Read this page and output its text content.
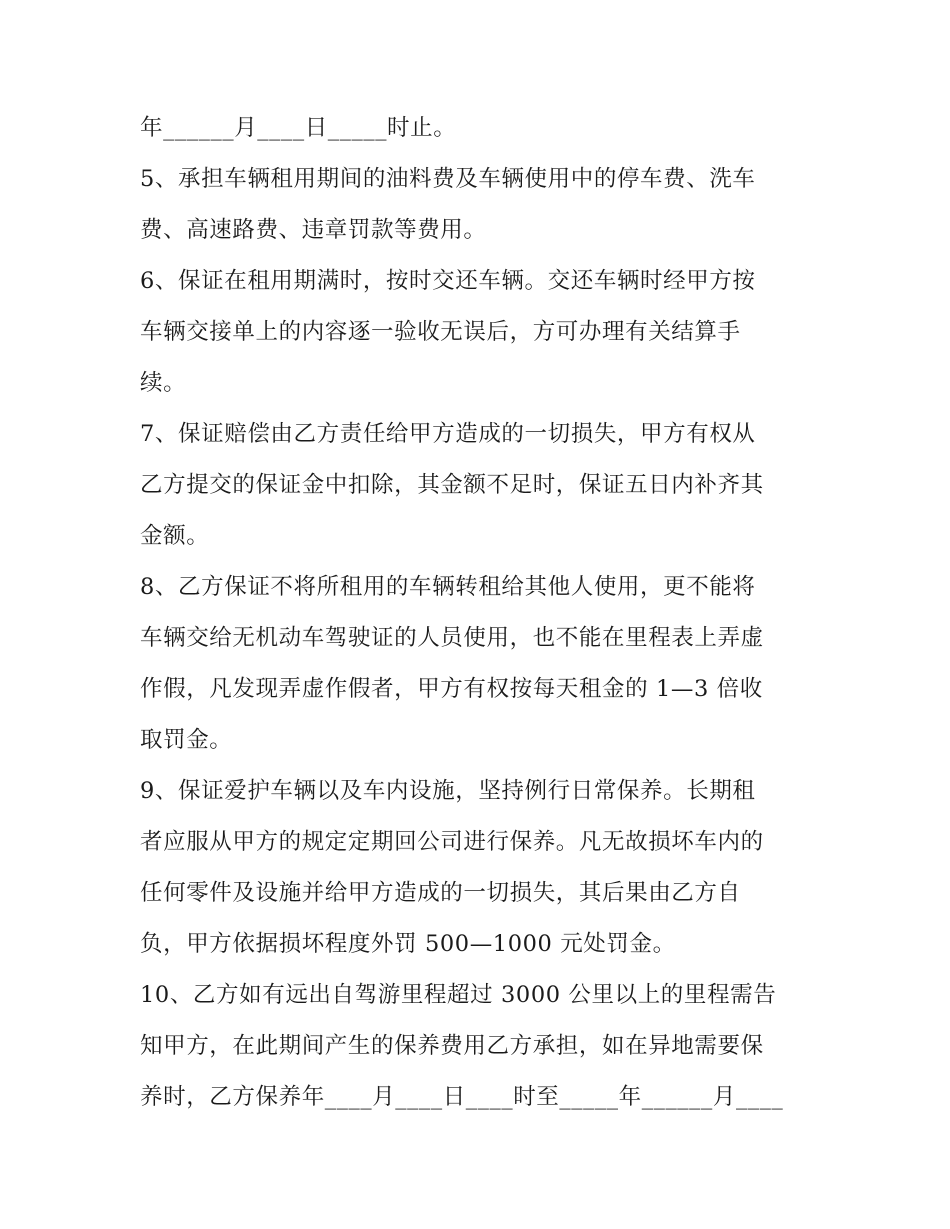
年______月____日_____时止。
5、承担车辆租用期间的油料费及车辆使用中的停车费、洗车
费、高速路费、违章罚款等费用。
6、保证在租用期满时，按时交还车辆。交还车辆时经甲方按
车辆交接单上的内容逐一验收无误后，方可办理有关结算手
续。
7、保证赔偿由乙方责任给甲方造成的一切损失，甲方有权从
乙方提交的保证金中扣除，其金额不足时，保证五日内补齐其
金额。
8、乙方保证不将所租用的车辆转租给其他人使用，更不能将
车辆交给无机动车驾驶证的人员使用，也不能在里程表上弄虚
作假，凡发现弄虚作假者，甲方有权按每天租金的 1—3 倍收
取罚金。
9、保证爱护车辆以及车内设施，坚持例行日常保养。长期租
者应服从甲方的规定定期回公司进行保养。凡无故损坏车内的
任何零件及设施并给甲方造成的一切损失，其后果由乙方自
负，甲方依据损坏程度外罚 500—1000 元处罚金。
10、乙方如有远出自驾游里程超过 3000 公里以上的里程需告
知甲方，在此期间产生的保养费用乙方承担，如在异地需要保
养时，乙方保养年____月____日____时至_____年______月____
